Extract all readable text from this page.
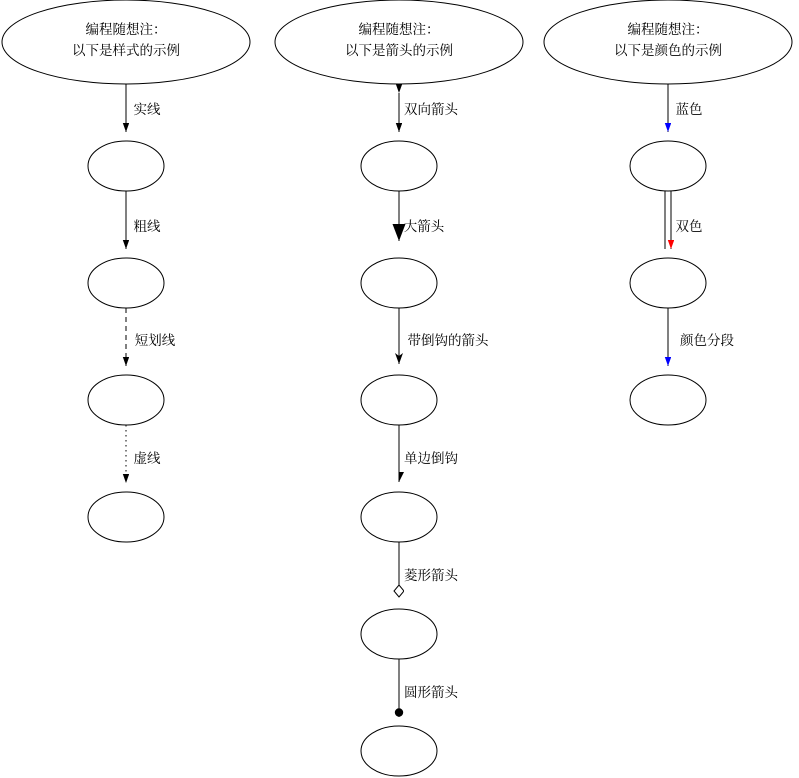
编程随想注：
以下是样式的示例
实线
粗线
短划线
虚线
编程随想注：
以下是箭头的示例
双向箭头
大箭头
带倒钩的箭头
单边倒钩
菱形箭头
圆形箭头
编程随想注：
以下是颜色的示例
蓝色
双色
颜色分段
